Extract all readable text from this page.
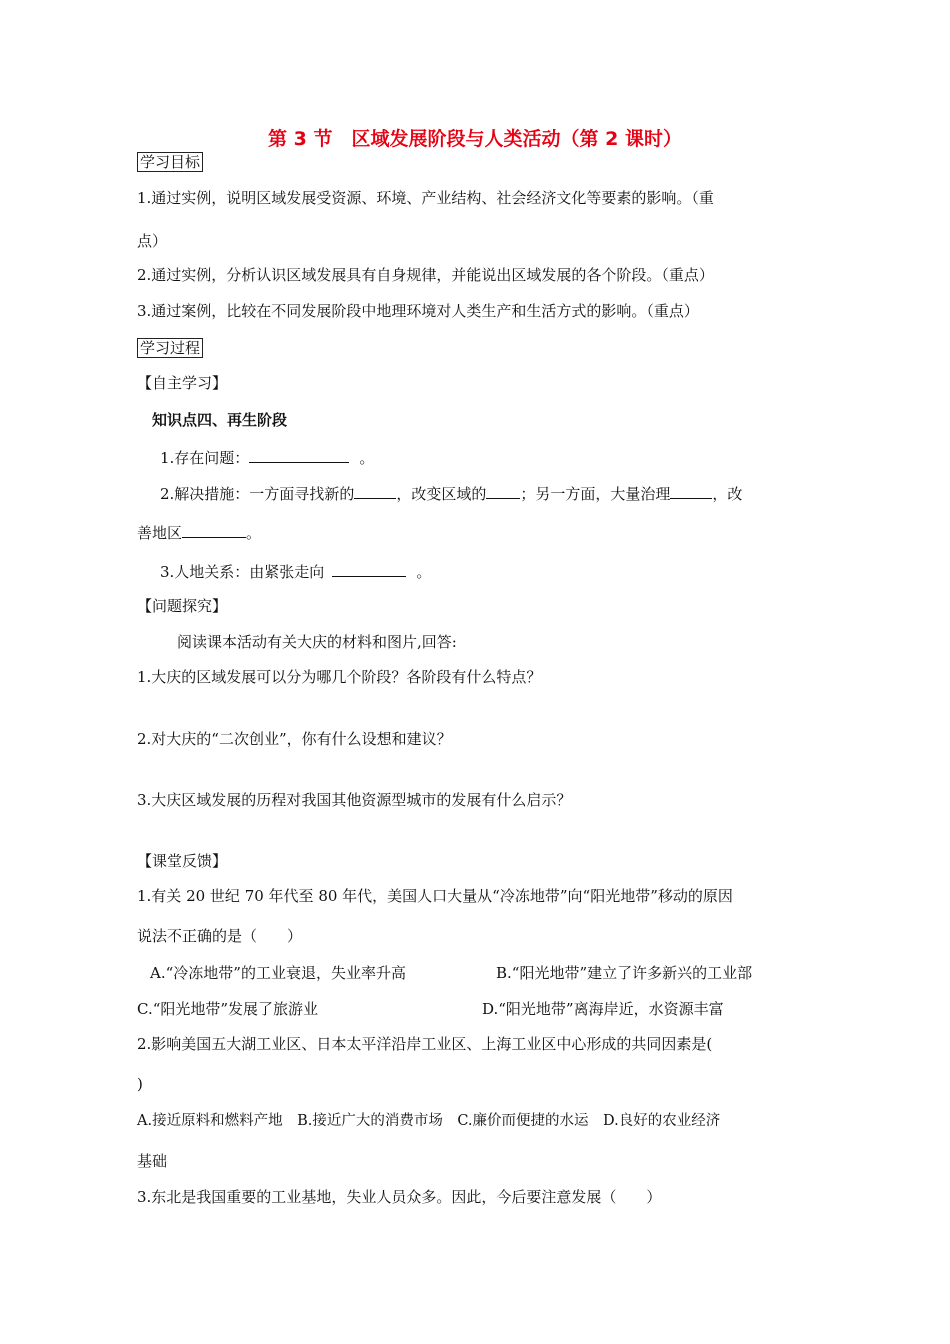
第 3 节　区域发展阶段与人类活动（第 2 课时）
学习目标
1.通过实例，说明区域发展受资源、环境、产业结构、社会经济文化等要素的影响。（重
点）
2.通过实例，分析认识区域发展具有自身规律，并能说出区域发展的各个阶段。（重点）
3.通过案例，比较在不同发展阶段中地理环境对人类生产和生活方式的影响。（重点）
学习过程
【自主学习】
知识点四、再生阶段
1.存在问题：	。
2.解决措施：一方面寻找新的	，改变区域的 ；另一方面，大量治理	，改
善地区	。
3.人地关系：由紧张走向	。
【问题探究】
阅读课本活动有关大庆的材料和图片,回答:
1.大庆的区域发展可以分为哪几个阶段？各阶段有什么特点？
2.对大庆的“二次创业”，你有什么设想和建议？
3.大庆区域发展的历程对我国其他资源型城市的发展有什么启示？
【课堂反馈】
1.有关 20 世纪 70 年代至 80 年代，美国人口大量从“冷冻地带”向“阳光地带”移动的原因
说法不正确的是（　　）
A.“冷冻地带”的工业衰退，失业率升高	B.“阳光地带”建立了许多新兴的工业部
C.“阳光地带”发展了旅游业	D.“阳光地带”离海岸近，水资源丰富
2.影响美国五大湖工业区、日本太平洋沿岸工业区、上海工业区中心形成的共同因素是(
)
A.接近原料和燃料产地　B.接近广大的消费市场　C.廉价而便捷的水运　D.良好的农业经济
基础
3.东北是我国重要的工业基地，失业人员众多。因此，今后要注意发展（　　）
